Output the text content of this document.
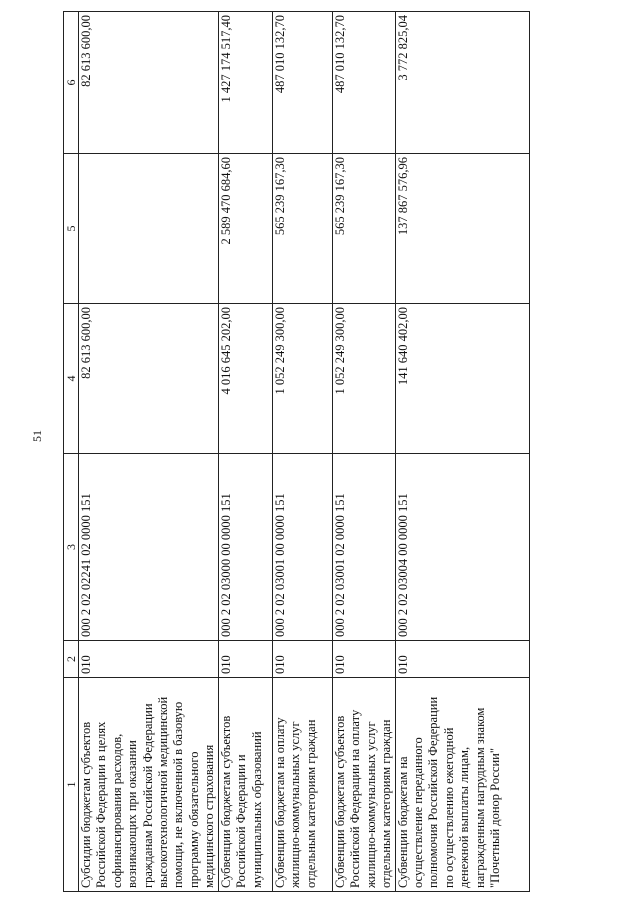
51
1	2	3	4	5	6
Субсидии бюджетам субъектов Российской Федерации в целях софинансирования расходов, возникающих при оказании гражданам Российской Федерации высокотехнологичной медицинской помощи, не включенной в базовую программу обязательного медицинского страхования	010	000 2 02 02241 02 0000 151	82 613 600,00		82 613 600,00
Субвенции бюджетам субъектов Российской Федерации и муниципальных образований	010	000 2 02 03000 00 0000 151	4 016 645 202,00	2 589 470 684,60	1 427 174 517,40
Субвенции бюджетам на оплату жилищно-коммунальных услуг отдельным категориям граждан	010	000 2 02 03001 00 0000 151	1 052 249 300,00	565 239 167,30	487 010 132,70
Субвенции бюджетам субъектов Российской Федерации на оплату жилищно-коммунальных услуг отдельным категориям граждан	010	000 2 02 03001 02 0000 151	1 052 249 300,00	565 239 167,30	487 010 132,70
Субвенции бюджетам на осуществление переданного полномочия Российской Федерации по осуществлению ежегодной денежной выплаты лицам, награжденным нагрудным знаком "Почетный донор России"	010	000 2 02 03004 00 0000 151	141 640 402,00	137 867 576,96	3 772 825,04
